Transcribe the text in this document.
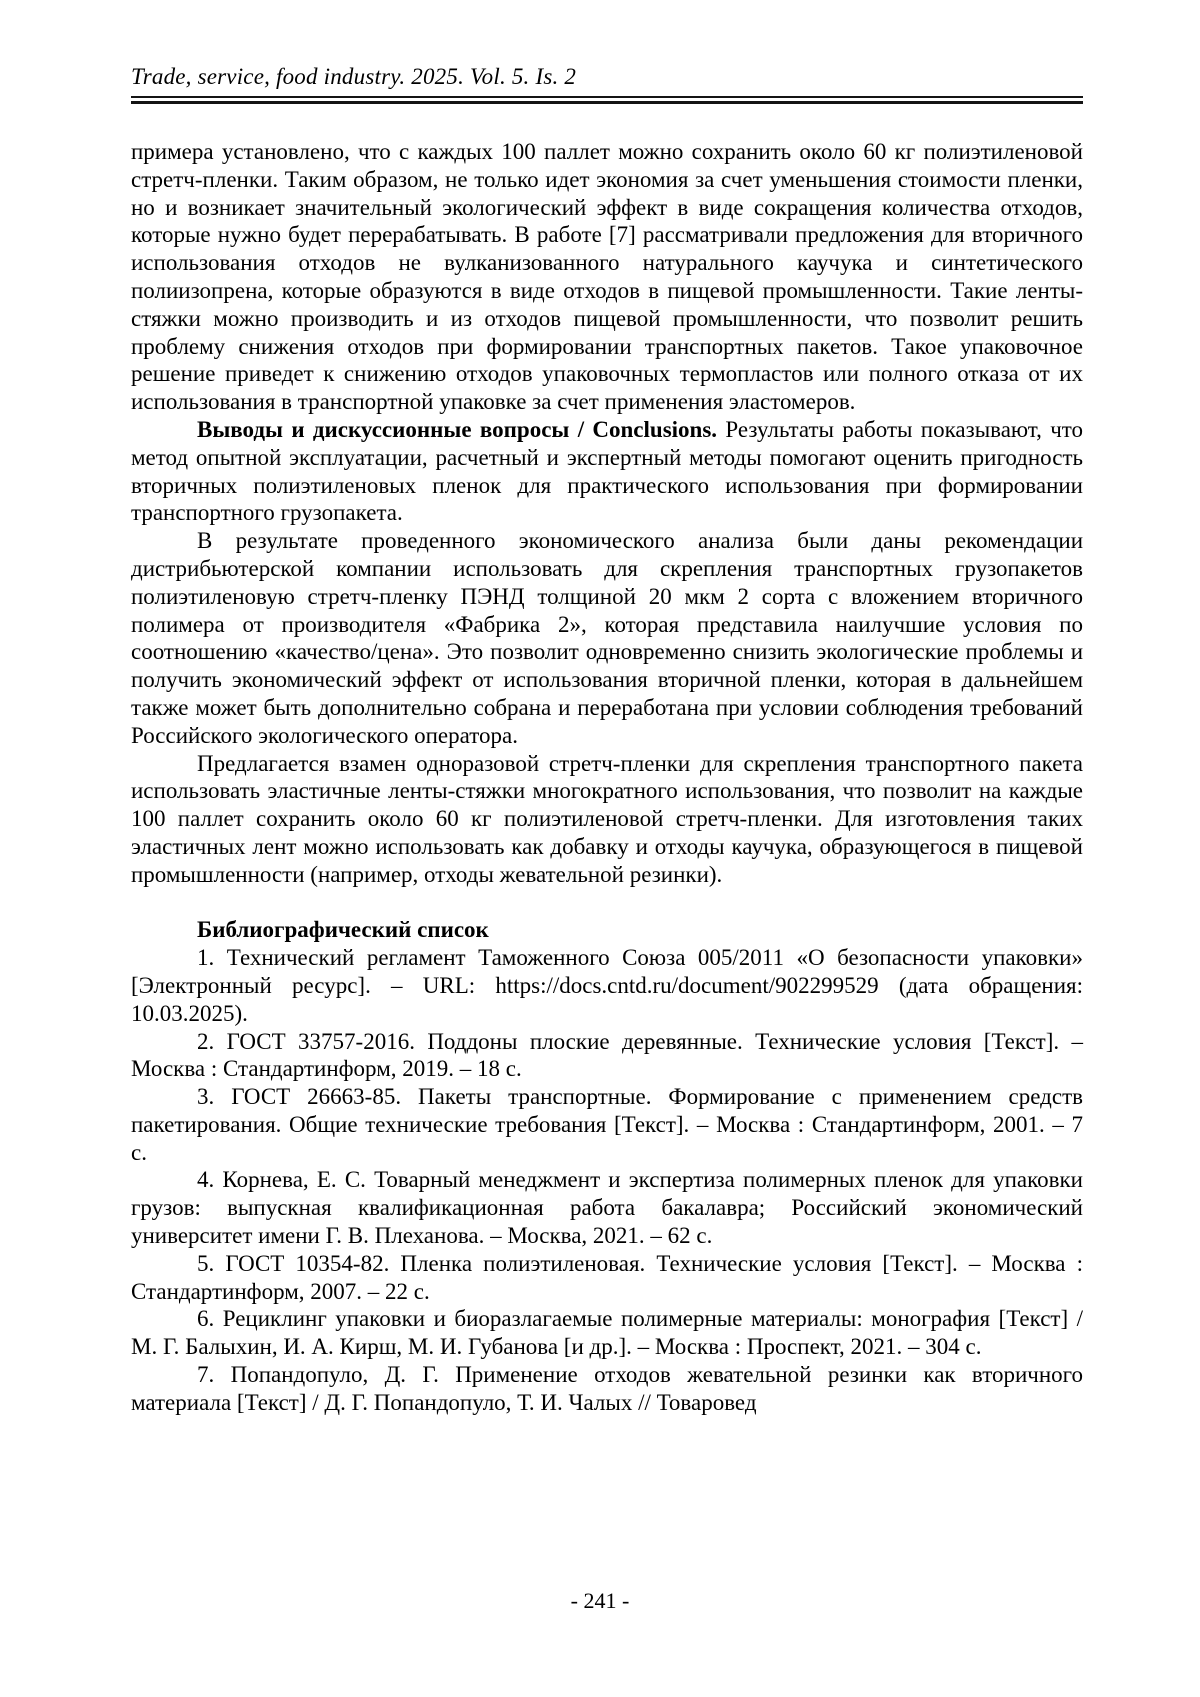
Trade, service, food industry. 2025. Vol. 5. Is. 2

примера установлено, что с каждых 100 паллет можно сохранить около 60 кг полиэтиленовой стретч-пленки. Таким образом, не только идет экономия за счет уменьшения стоимости пленки, но и возникает значительный экологический эффект в виде сокращения количества отходов, которые нужно будет перерабатывать. В работе [7] рассматривали предложения для вторичного использования отходов не вулканизованного натурального каучука и синтетического полиизопрена, которые образуются в виде отходов в пищевой промышленности. Такие ленты-стяжки можно производить и из отходов пищевой промышленности, что позволит решить проблему снижения отходов при формировании транспортных пакетов. Такое упаковочное решение приведет к снижению отходов упаковочных термопластов или полного отказа от их использования в транспортной упаковке за счет применения эластомеров.

Выводы и дискуссионные вопросы / Conclusions. Результаты работы показывают, что метод опытной эксплуатации, расчетный и экспертный методы помогают оценить пригодность вторичных полиэтиленовых пленок для практического использования при формировании транспортного грузопакета.

В результате проведенного экономического анализа были даны рекомендации дистрибьютерской компании использовать для скрепления транспортных грузопакетов полиэтиленовую стретч-пленку ПЭНД толщиной 20 мкм 2 сорта с вложением вторичного полимера от производителя «Фабрика 2», которая представила наилучшие условия по соотношению «качество/цена». Это позволит одновременно снизить экологические проблемы и получить экономический эффект от использования вторичной пленки, которая в дальнейшем также может быть дополнительно собрана и переработана при условии соблюдения требований Российского экологического оператора.

Предлагается взамен одноразовой стретч-пленки для скрепления транспортного пакета использовать эластичные ленты-стяжки многократного использования, что позволит на каждые 100 паллет сохранить около 60 кг полиэтиленовой стретч-пленки. Для изготовления таких эластичных лент можно использовать как добавку и отходы каучука, образующегося в пищевой промышленности (например, отходы жевательной резинки).

Библиографический список

1. Технический регламент Таможенного Союза 005/2011 «О безопасности упаковки» [Электронный ресурс]. – URL: https://docs.cntd.ru/document/902299529 (дата обращения: 10.03.2025).

2. ГОСТ 33757-2016. Поддоны плоские деревянные. Технические условия [Текст]. – Москва : Стандартинформ, 2019. – 18 с.

3. ГОСТ 26663-85. Пакеты транспортные. Формирование с применением средств пакетирования. Общие технические требования [Текст]. – Москва : Стандартинформ, 2001. – 7 с.

4. Корнева, Е. С. Товарный менеджмент и экспертиза полимерных пленок для упаковки грузов: выпускная квалификационная работа бакалавра; Российский экономический университет имени Г. В. Плеханова. – Москва, 2021. – 62 с.

5. ГОСТ 10354-82. Пленка полиэтиленовая. Технические условия [Текст]. – Москва : Стандартинформ, 2007. – 22 с.

6. Рециклинг упаковки и биоразлагаемые полимерные материалы: монография [Текст] / М. Г. Балыхин, И. А. Кирш, М. И. Губанова [и др.]. – Москва : Проспект, 2021. – 304 с.

7. Попандопуло, Д. Г. Применение отходов жевательной резинки как вторичного материала [Текст] / Д. Г. Попандопуло, Т. И. Чалых // Товаровед

- 241 -
